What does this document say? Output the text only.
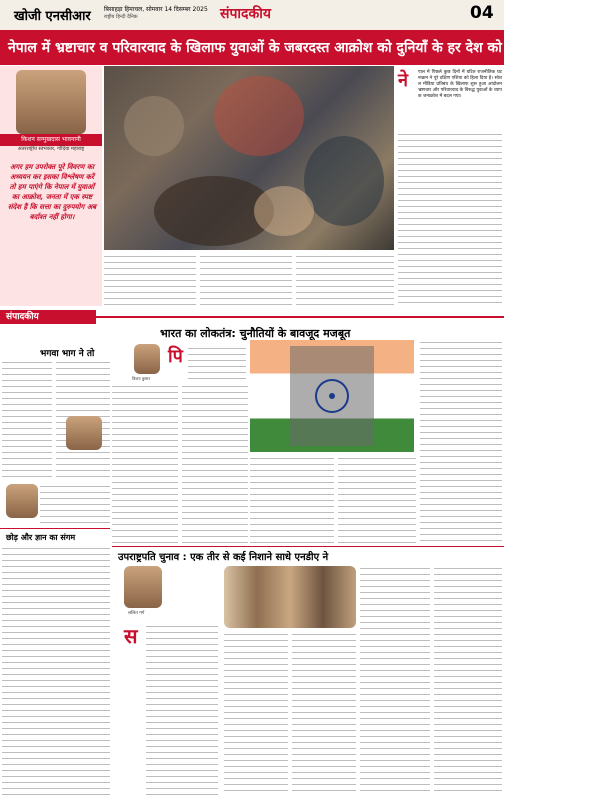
खोजी एनसीआर बिसाहड़ा हिमाचल, सोमवार 14 दिसम्बर 2025
राष्ट्रीय हिन्दी दैनिक	संपादकीय	04
नेपाल में भ्रष्टाचार व परिवारवाद के खिलाफ युवाओं के जबरदस्त आक्रोश को दुनियाँ के हर देश को संज्ञान में लेना जरूरी
किशन सन्मुखदास भावनानी
अंतरराष्ट्रीय स्तंभकार, गोंदिया महाराष्ट्र
अगर हम उपरोक्त पूरे विवरण का अध्ययन कर इसका विश्लेषण करें तो हम पाएंगे कि नेपाल में युवाओं का आक्रोश, जनता में एक स्पष्ट संदेश है कि सत्ता का दुरुपयोग अब बर्दाश्त नहीं होगा।
ने पाल में पिछले कुछ दिनों में घटित राजनीतिक घटनाक्रम ने पूरे दक्षिण एशिया को हिला दिया है। सोशल मीडिया प्रतिबंध के खिलाफ शुरू हुआ आंदोलन भ्रष्टाचार और परिवारवाद के विरुद्ध युवाओं के व्यापक जनाक्रोश में बदल गया।
संपादकीय
भारत का लोकतंत्र: चुनौतियों के बावजूद मजबूत
भगवा भाग ने तो
विजय कुमार
पि
उपराष्ट्रपति चुनाव : एक तीर से कई निशाने साधे एनडीए ने
छोड़ और ज्ञान का संगम
ललित गर्ग
स
